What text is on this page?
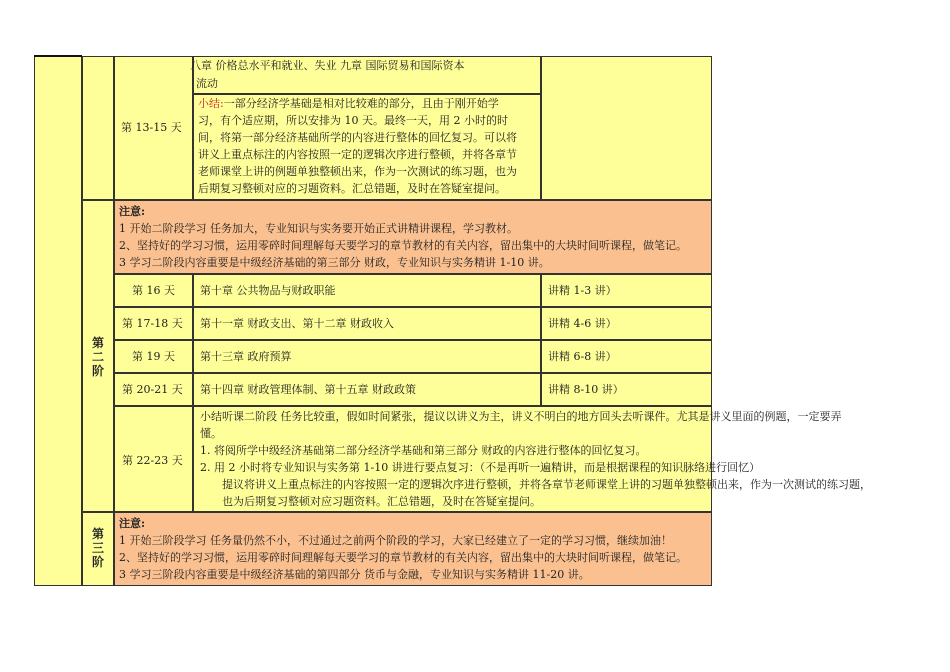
第 13-15 天
八章 价格总水平和就业、失业 九章 国际贸易和国际资本
流动
小结:一部分经济学基础是相对比较难的部分，且由于刚开始学
习，有个适应期，所以安排为 10 天。最终一天，用 2 小时的时
间，将第一部分经济基础所学的内容进行整体的回忆复习。可以将
讲义上重点标注的内容按照一定的逻辑次序进行整顿，并将各章节
老师课堂上讲的例题单独整顿出来，作为一次测试的练习题，也为
后期复习整顿对应的习题资料。汇总错题，及时在答疑室提问。
第
二
阶
注意:
1 开始二阶段学习 任务加大，专业知识与实务要开始正式讲精讲课程，学习教材。
2、坚持好的学习习惯，运用零碎时间理解每天要学习的章节教材的有关内容，留出集中的大块时间听课程，做笔记。
3 学习二阶段内容重要是中级经济基础的第三部分 财政，专业知识与实务精讲 1-10 讲。
第 16 天 第十章 公共物品与财政职能	讲精 1-3 讲）
第 17-18 天 第十一章 财政支出、第十二章 财政收入	讲精 4-6 讲）
第 19 天 第十三章 政府预算	讲精 6-8 讲）
第 20-21 天 第十四章 财政管理体制、第十五章 财政政策	讲精 8-10 讲）
第 22-23 天
小结听课二阶段 任务比较重，假如时间紧张，提议以讲义为主，讲义不明白的地方回头去听课件。尤其是讲义里面的例题，一定要弄
懂。
1. 将阅所学中级经济基础第二部分经济学基础和第三部分 财政的内容进行整体的回忆复习。
2. 用 2 小时将专业知识与实务第 1-10 讲进行要点复习：（不是再听一遍精讲，而是根据课程的知识脉络进行回忆）
提议将讲义上重点标注的内容按照一定的逻辑次序进行整顿，并将各章节老师课堂上讲的习题单独整顿出来，作为一次测试的练习题，
也为后期复习整顿对应习题资料。汇总错题，及时在答疑室提问。
第
三
阶
注意:
1 开始三阶段学习 任务量仍然不小，不过通过之前两个阶段的学习，大家已经建立了一定的学习习惯，继续加油！
2、坚持好的学习习惯，运用零碎时间理解每天要学习的章节教材的有关内容，留出集中的大块时间听课程，做笔记。
3 学习三阶段内容重要是中级经济基础的第四部分 货币与金融，专业知识与实务精讲 11-20 讲。
